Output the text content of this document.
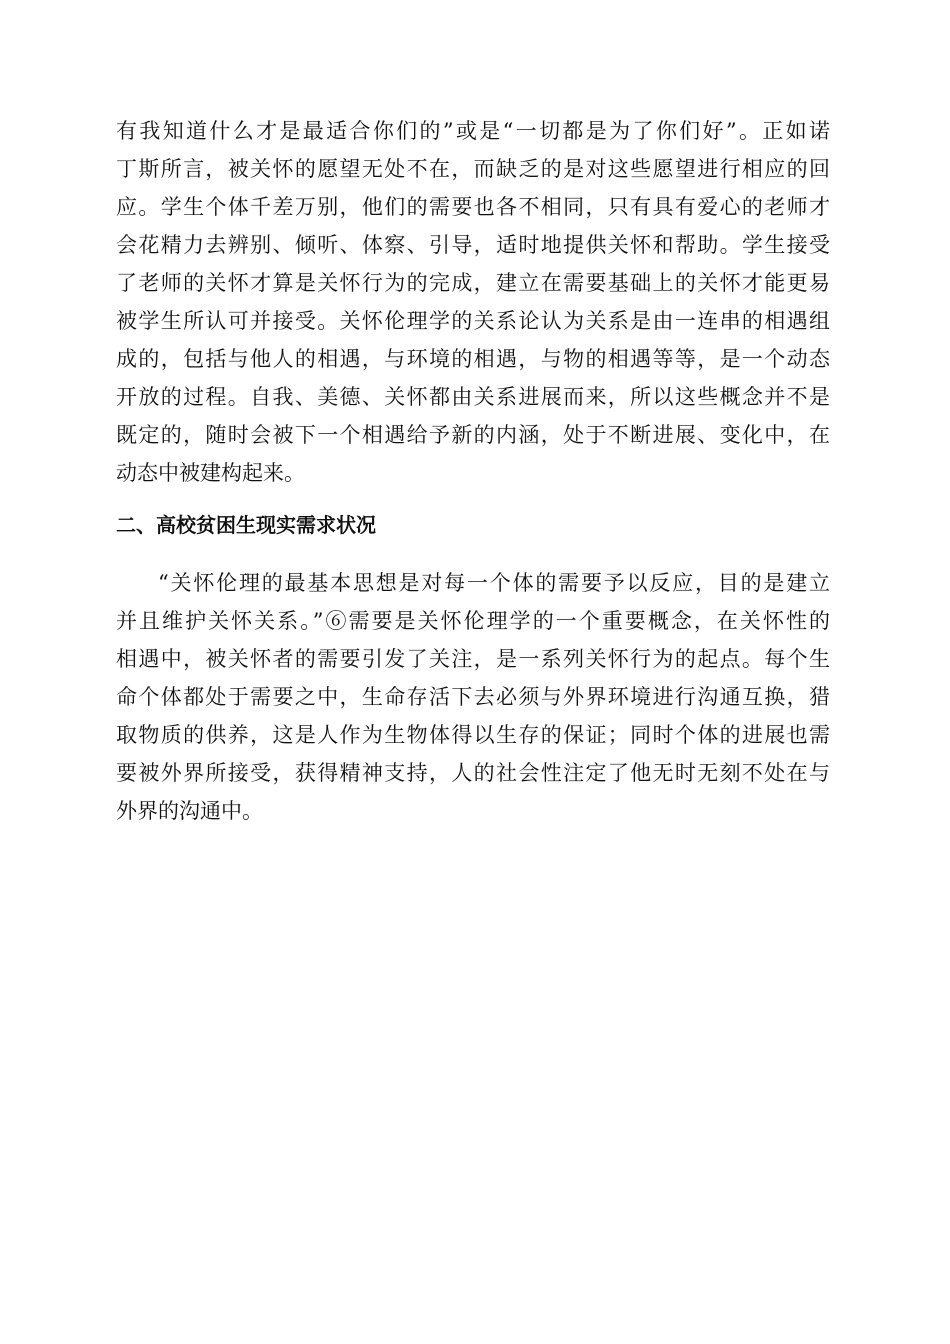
有我知道什么才是最适合你们的”或是“一切都是为了你们好”。正如诺
丁斯所言，被关怀的愿望无处不在，而缺乏的是对这些愿望进行相应的回
应。学生个体千差万别，他们的需要也各不相同，只有具有爱心的老师才
会花精力去辨别、倾听、体察、引导，适时地提供关怀和帮助。学生接受
了老师的关怀才算是关怀行为的完成，建立在需要基础上的关怀才能更易
被学生所认可并接受。关怀伦理学的关系论认为关系是由一连串的相遇组
成的，包括与他人的相遇，与环境的相遇，与物的相遇等等，是一个动态
开放的过程。自我、美德、关怀都由关系进展而来，所以这些概念并不是
既定的，随时会被下一个相遇给予新的内涵，处于不断进展、变化中，在
动态中被建构起来。
二、高校贫困生现实需求状况
“关怀伦理的最基本思想是对每一个体的需要予以反应，目的是建立
并且维护关怀关系。”⑥需要是关怀伦理学的一个重要概念，在关怀性的
相遇中，被关怀者的需要引发了关注，是一系列关怀行为的起点。每个生
命个体都处于需要之中，生命存活下去必须与外界环境进行沟通互换，猎
取物质的供养，这是人作为生物体得以生存的保证；同时个体的进展也需
要被外界所接受，获得精神支持，人的社会性注定了他无时无刻不处在与
外界的沟通中。
